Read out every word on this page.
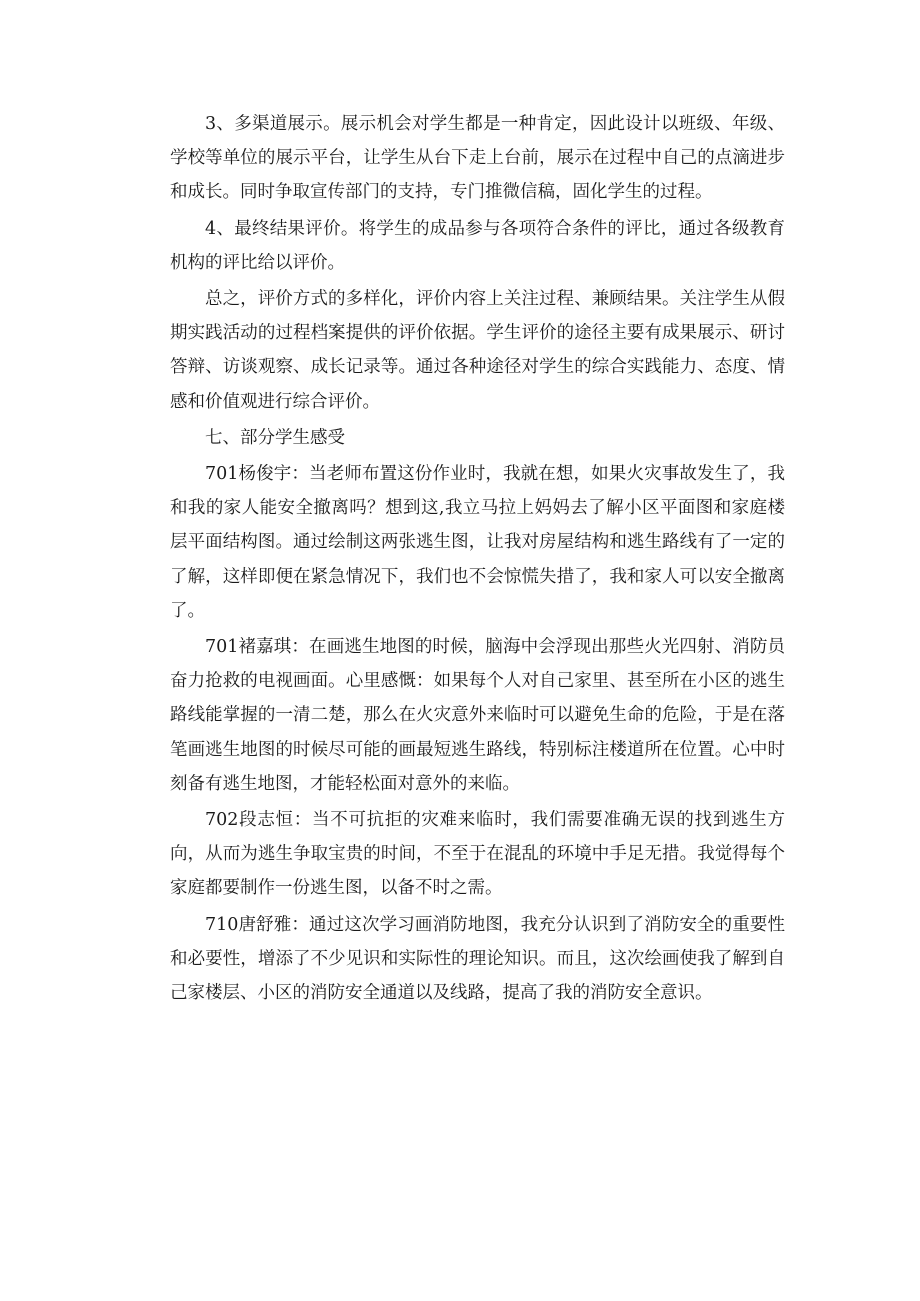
3、多渠道展示。展示机会对学生都是一种肯定，因此设计以班级、年级、学校等单位的展示平台，让学生从台下走上台前，展示在过程中自己的点滴进步和成长。同时争取宣传部门的支持，专门推微信稿，固化学生的过程。

4、最终结果评价。将学生的成品参与各项符合条件的评比，通过各级教育机构的评比给以评价。

总之，评价方式的多样化，评价内容上关注过程、兼顾结果。关注学生从假期实践活动的过程档案提供的评价依据。学生评价的途径主要有成果展示、研讨答辩、访谈观察、成长记录等。通过各种途径对学生的综合实践能力、态度、情感和价值观进行综合评价。

七、部分学生感受

701杨俊宇：当老师布置这份作业时，我就在想，如果火灾事故发生了，我和我的家人能安全撤离吗？想到这,我立马拉上妈妈去了解小区平面图和家庭楼层平面结构图。通过绘制这两张逃生图，让我对房屋结构和逃生路线有了一定的了解，这样即便在紧急情况下，我们也不会惊慌失措了，我和家人可以安全撤离了。

701褚嘉琪：在画逃生地图的时候，脑海中会浮现出那些火光四射、消防员奋力抢救的电视画面。心里感慨：如果每个人对自己家里、甚至所在小区的逃生路线能掌握的一清二楚，那么在火灾意外来临时可以避免生命的危险，于是在落笔画逃生地图的时候尽可能的画最短逃生路线，特别标注楼道所在位置。心中时刻备有逃生地图，才能轻松面对意外的来临。

702段志恒：当不可抗拒的灾难来临时，我们需要准确无误的找到逃生方向，从而为逃生争取宝贵的时间，不至于在混乱的环境中手足无措。我觉得每个家庭都要制作一份逃生图，以备不时之需。

710唐舒雅：通过这次学习画消防地图，我充分认识到了消防安全的重要性和必要性，增添了不少见识和实际性的理论知识。而且，这次绘画使我了解到自己家楼层、小区的消防安全通道以及线路，提高了我的消防安全意识。
